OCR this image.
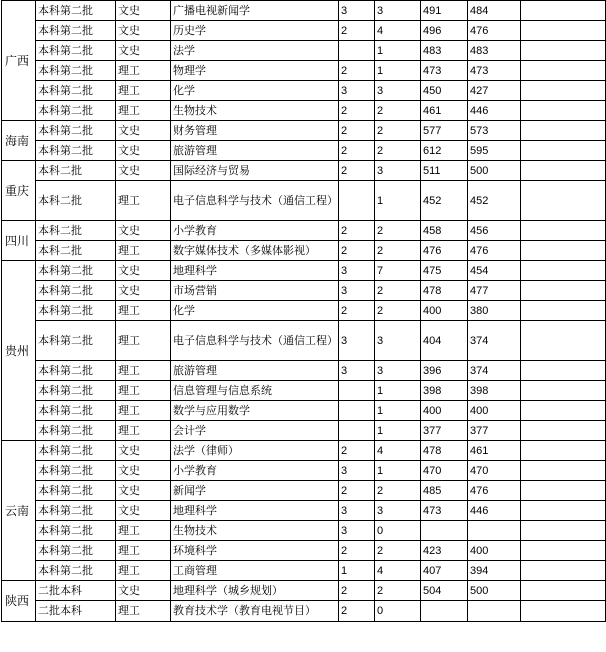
广西	本科第二批	文史	广播电视新闻学	3	3	491	484	
	本科第二批	文史	历史学	2	4	496	476	
	本科第二批	文史	法学		1	483	483	
	本科第二批	理工	物理学	2	1	473	473	
	本科第二批	理工	化学	3	3	450	427	
	本科第二批	理工	生物技术	2	2	461	446	
海南	本科第二批	文史	财务管理	2	2	577	573	
	本科第二批	文史	旅游管理	2	2	612	595	
重庆	本科二批	文史	国际经济与贸易	2	3	511	500	
	本科二批	理工	电子信息科学与技术（通信工程）		1	452	452	
四川	本科二批	文史	小学教育	2	2	458	456	
	本科二批	理工	数字媒体技术（多媒体影视）	2	2	476	476	
贵州	本科第二批	文史	地理科学	3	7	475	454	
	本科第二批	文史	市场营销	3	2	478	477	
	本科第二批	理工	化学	2	2	400	380	
	本科第二批	理工	电子信息科学与技术（通信工程）	3	3	404	374	
	本科第二批	理工	旅游管理	3	3	396	374	
	本科第二批	理工	信息管理与信息系统		1	398	398	
	本科第二批	理工	数学与应用数学		1	400	400	
	本科第二批	理工	会计学		1	377	377	
云南	本科第二批	文史	法学（律师）	2	4	478	461	
	本科第二批	文史	小学教育	3	1	470	470	
	本科第二批	文史	新闻学	2	2	485	476	
	本科第二批	文史	地理科学	3	3	473	446	
	本科第二批	理工	生物技术	3	0			
	本科第二批	理工	环境科学	2	2	423	400	
	本科第二批	理工	工商管理	1	4	407	394	
陕西	二批本科	文史	地理科学（城乡规划）	2	2	504	500	
	二批本科	理工	教育技术学（教育电视节目）	2	0			
